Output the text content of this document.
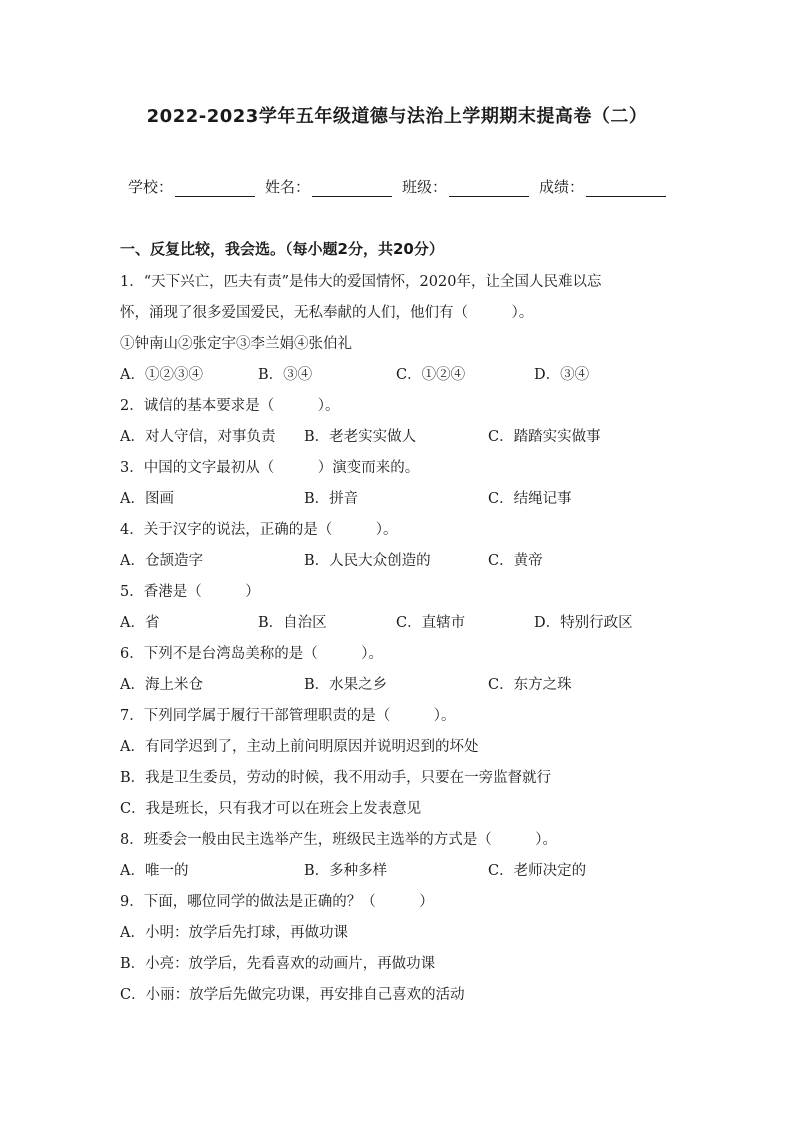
2022-2023学年五年级道德与法治上学期期末提高卷（二）
学校：	姓名：	班级：	成绩：
一、反复比较，我会选。（每小题2分，共20分）
1．“天下兴亡，匹夫有责”是伟大的爱国情怀，2020年，让全国人民难以忘
怀，涌现了很多爱国爱民，无私奉献的人们，他们有（　　　）。
①钟南山②张定宇③李兰娟④张伯礼
A．①②③④	B．③④	C．①②④	D．③④
2．诚信的基本要求是（　　　）。
A．对人守信，对事负责 B．老老实实做人	C．踏踏实实做事
3．中国的文字最初从（　　　）演变而来的。
A．图画	B．拼音	C．结绳记事
4．关于汉字的说法，正确的是（　　　）。
A．仓颉造字	B．人民大众创造的	C．黄帝
5．香港是（　　　）
A．省	B．自治区	C．直辖市	D．特别行政区
6．下列不是台湾岛美称的是（　　　）。
A．海上米仓	B．水果之乡	C．东方之珠
7．下列同学属于履行干部管理职责的是（　　　）。
A．有同学迟到了，主动上前问明原因并说明迟到的坏处
B．我是卫生委员，劳动的时候，我不用动手，只要在一旁监督就行
C．我是班长，只有我才可以在班会上发表意见
8．班委会一般由民主选举产生，班级民主选举的方式是（　　　）。
A．唯一的	B．多种多样	C．老师决定的
9．下面，哪位同学的做法是正确的？（　　　）
A．小明：放学后先打球，再做功课
B．小亮：放学后，先看喜欢的动画片，再做功课
C．小丽：放学后先做完功课，再安排自己喜欢的活动
